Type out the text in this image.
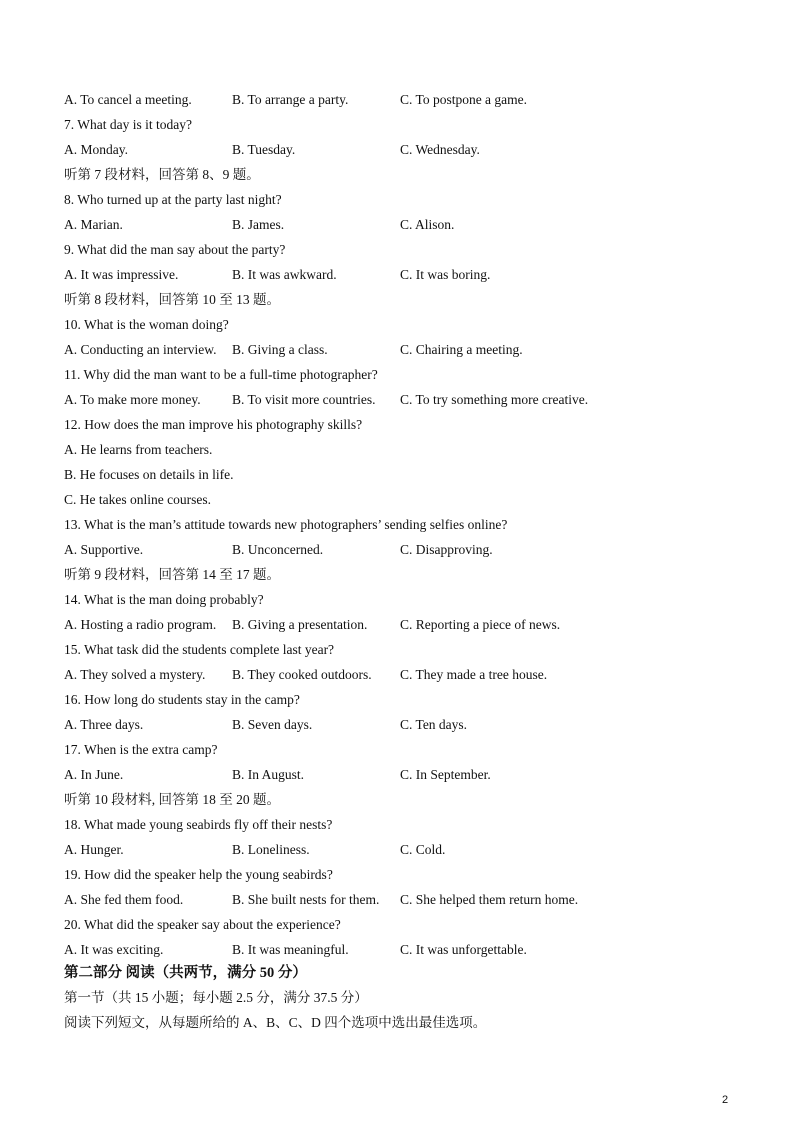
A. To cancel a meeting.	B. To arrange a party.	C. To postpone a game.
7. What day is it today?
A. Monday.	B. Tuesday.	C. Wednesday.
听第 7 段材料，回答第 8、9 题。
8. Who turned up at the party last night?
A. Marian.	B. James.	C. Alison.
9. What did the man say about the party?
A. It was impressive.	B. It was awkward.	C. It was boring.
听第 8 段材料，回答第 10 至 13 题。
10. What is the woman doing?
A. Conducting an interview. B. Giving a class.	C. Chairing a meeting.
11. Why did the man want to be a full-time photographer?
A. To make more money. B. To visit more countries. C. To try something more creative.
12. How does the man improve his photography skills?
A. He learns from teachers.
B. He focuses on details in life.
C. He takes online courses.
13. What is the man’s attitude towards new photographers’ sending selfies online?
A. Supportive.	B. Unconcerned.	C. Disapproving.
听第 9 段材料，回答第 14 至 17 题。
14. What is the man doing probably?
A. Hosting a radio program. B. Giving a presentation. C. Reporting a piece of news.
15. What task did the students complete last year?
A. They solved a mystery. B. They cooked outdoors. C. They made a tree house.
16. How long do students stay in the camp?
A. Three days.	B. Seven days.	C. Ten days.
17. When is the extra camp?
A. In June.	B. In August.	C. In September.
听第 10 段材料, 回答第 18 至 20 题。
18. What made young seabirds fly off their nests?
A. Hunger.	B. Loneliness.	C. Cold.
19. How did the speaker help the young seabirds?
A. She fed them food.	B. She built nests for them. C. She helped them return home.
20. What did the speaker say about the experience?
A. It was exciting.	B. It was meaningful.	C. It was unforgettable.
第二部分 阅读（共两节，满分 50 分）
第一节（共 15 小题；每小题 2.5 分，满分 37.5 分）
阅读下列短文，从每题所给的 A、B、C、D 四个选项中选出最佳选项。
2
